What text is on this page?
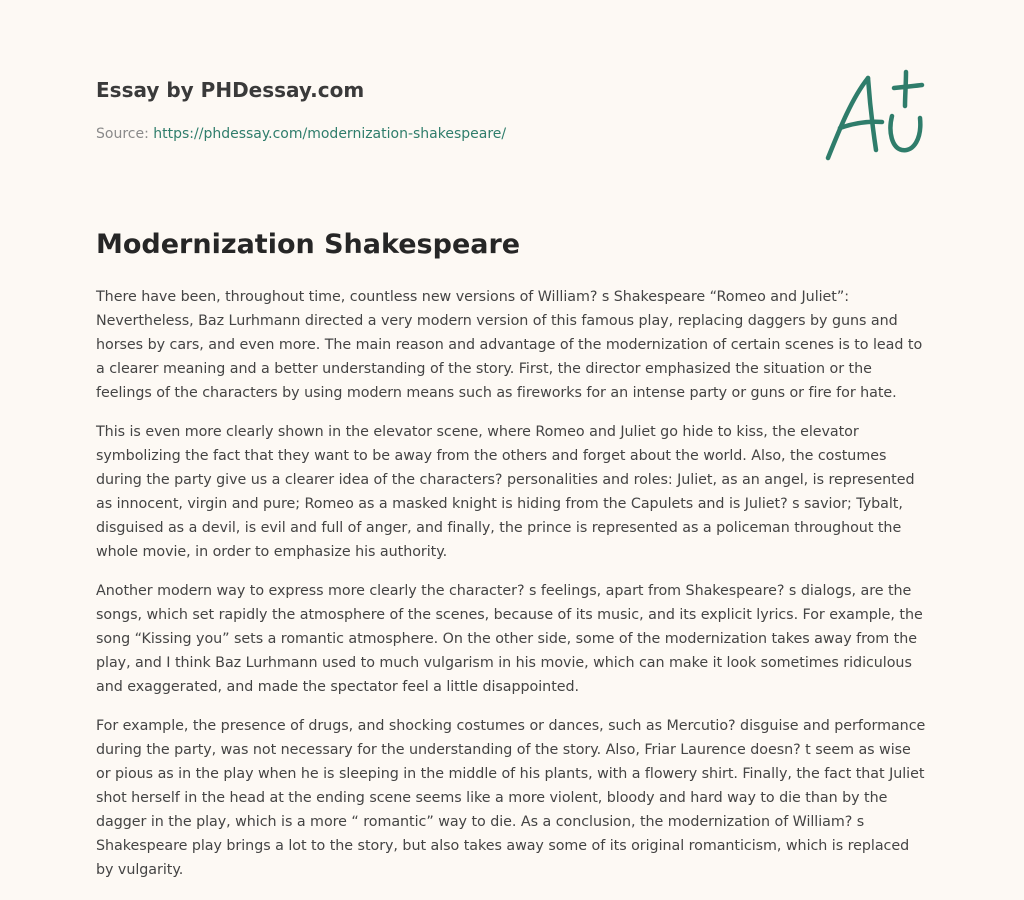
Essay by PHDessay.com
Source: https://phdessay.com/modernization-shakespeare/
Modernization Shakespeare

There have been, throughout time, countless new versions of William? s Shakespeare “Romeo and Juliet”: Nevertheless, Baz Lurhmann directed a very modern version of this famous play, replacing daggers by guns and horses by cars, and even more. The main reason and advantage of the modernization of certain scenes is to lead to a clearer meaning and a better understanding of the story. First, the director emphasized the situation or the feelings of the characters by using modern means such as fireworks for an intense party or guns or fire for hate.

This is even more clearly shown in the elevator scene, where Romeo and Juliet go hide to kiss, the elevator symbolizing the fact that they want to be away from the others and forget about the world. Also, the costumes during the party give us a clearer idea of the characters? personalities and roles: Juliet, as an angel, is represented as innocent, virgin and pure; Romeo as a masked knight is hiding from the Capulets and is Juliet? s savior; Tybalt, disguised as a devil, is evil and full of anger, and finally, the prince is represented as a policeman throughout the whole movie, in order to emphasize his authority.

Another modern way to express more clearly the character? s feelings, apart from Shakespeare? s dialogs, are the songs, which set rapidly the atmosphere of the scenes, because of its music, and its explicit lyrics. For example, the song “Kissing you” sets a romantic atmosphere. On the other side, some of the modernization takes away from the play, and I think Baz Lurhmann used to much vulgarism in his movie, which can make it look sometimes ridiculous and exaggerated, and made the spectator feel a little disappointed.

For example, the presence of drugs, and shocking costumes or dances, such as Mercutio? disguise and performance during the party, was not necessary for the understanding of the story. Also, Friar Laurence doesn? t seem as wise or pious as in the play when he is sleeping in the middle of his plants, with a flowery shirt. Finally, the fact that Juliet shot herself in the head at the ending scene seems like a more violent, bloody and hard way to die than by the dagger in the play, which is a more “ romantic” way to die. As a conclusion, the modernization of William? s Shakespeare play brings a lot to the story, but also takes away some of its original romanticism, which is replaced by vulgarity.
